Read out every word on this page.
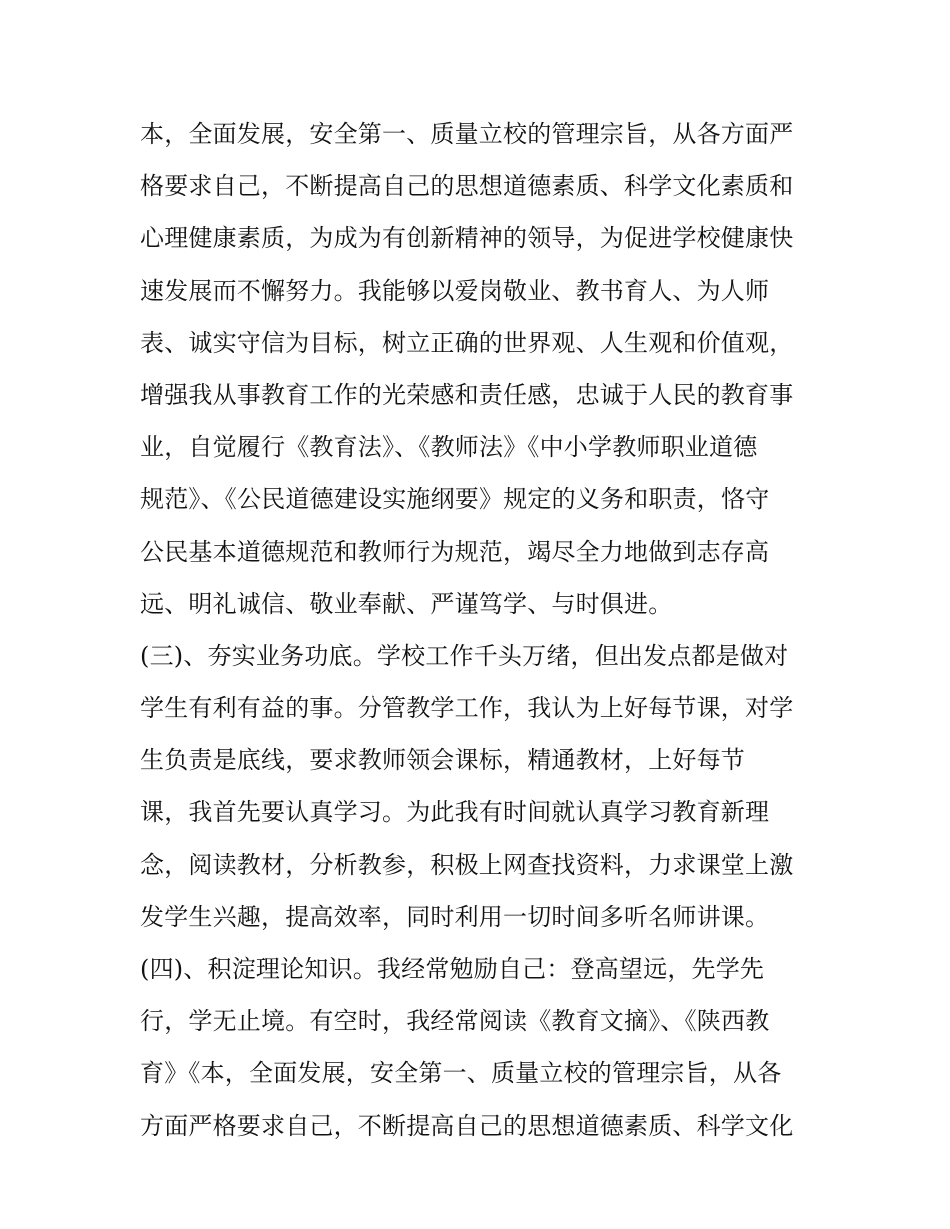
本，全面发展，安全第一、质量立校的管理宗旨，从各方面严
格要求自己，不断提高自己的思想道德素质、科学文化素质和
心理健康素质，为成为有创新精神的领导，为促进学校健康快
速发展而不懈努力。我能够以爱岗敬业、教书育人、为人师
表、诚实守信为目标，树立正确的世界观、人生观和价值观，
增强我从事教育工作的光荣感和责任感，忠诚于人民的教育事
业，自觉履行《教育法》、《教师法》《中小学教师职业道德
规范》、《公民道德建设实施纲要》规定的义务和职责，恪守
公民基本道德规范和教师行为规范，竭尽全力地做到志存高
远、明礼诚信、敬业奉献、严谨笃学、与时俱进。
(三)、夯实业务功底。学校工作千头万绪，但出发点都是做对
学生有利有益的事。分管教学工作，我认为上好每节课，对学
生负责是底线，要求教师领会课标，精通教材，上好每节
课，我首先要认真学习。为此我有时间就认真学习教育新理
念，阅读教材，分析教参，积极上网查找资料，力求课堂上激
发学生兴趣，提高效率，同时利用一切时间多听名师讲课。
(四)、积淀理论知识。我经常勉励自己：登高望远，先学先
行，学无止境。有空时，我经常阅读《教育文摘》、《陕西教
育》《本，全面发展，安全第一、质量立校的管理宗旨，从各
方面严格要求自己，不断提高自己的思想道德素质、科学文化
